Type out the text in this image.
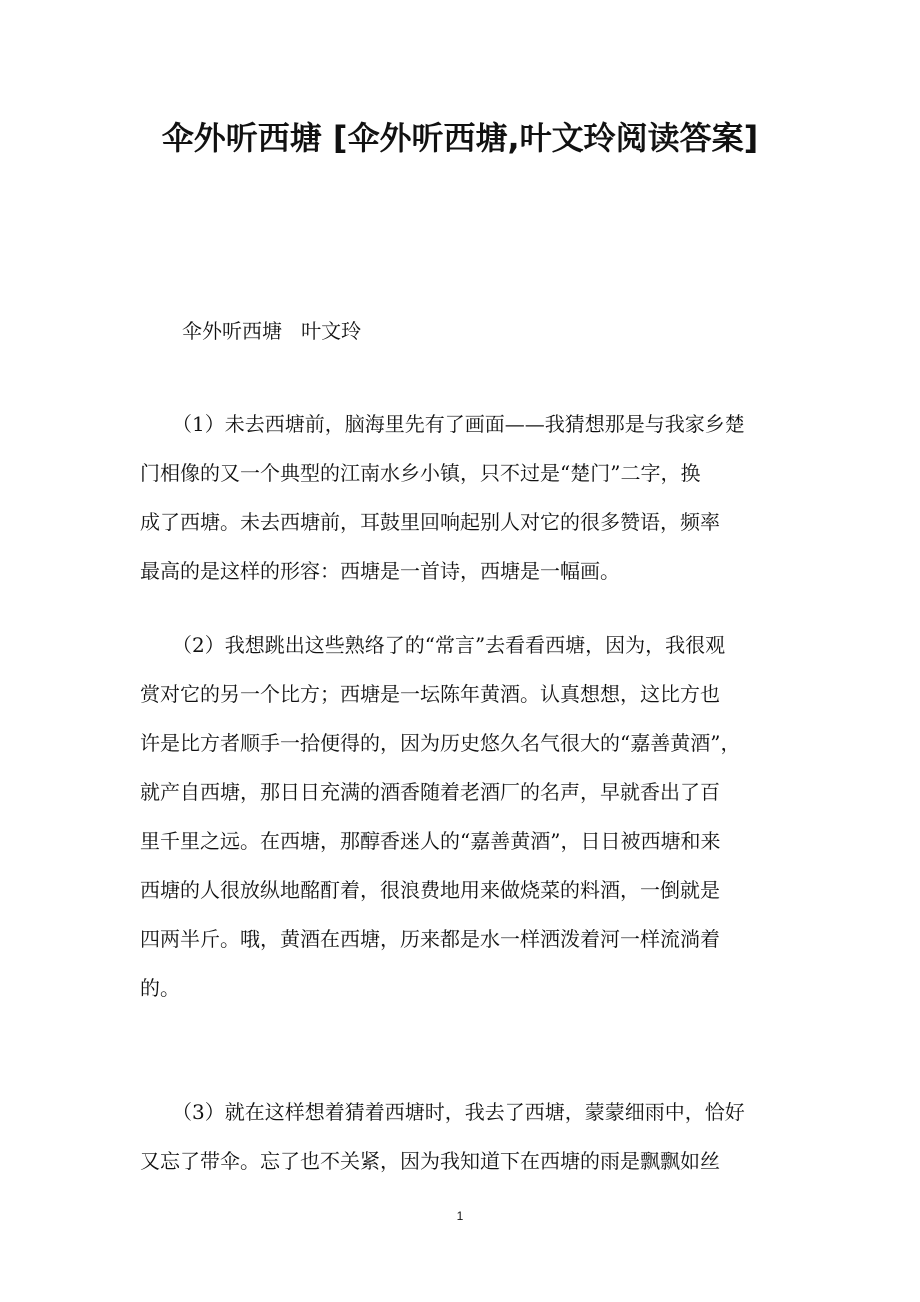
伞外听西塘 [伞外听西塘,叶文玲阅读答案]
伞外听西塘   叶文玲
（1）未去西塘前，脑海里先有了画面——我猜想那是与我家乡楚
门相像的又一个典型的江南水乡小镇，只不过是“楚门”二字，换
成了西塘。未去西塘前，耳鼓里回响起别人对它的很多赞语，频率
最高的是这样的形容：西塘是一首诗，西塘是一幅画。
（2）我想跳出这些熟络了的“常言”去看看西塘，因为，我很观
赏对它的另一个比方；西塘是一坛陈年黄酒。认真想想，这比方也
许是比方者顺手一拾便得的，因为历史悠久名气很大的“嘉善黄酒”，
就产自西塘，那日日充满的酒香随着老酒厂的名声，早就香出了百
里千里之远。在西塘，那醇香迷人的“嘉善黄酒”，日日被西塘和来
西塘的人很放纵地酩酊着，很浪费地用来做烧菜的料酒，一倒就是
四两半斤。哦，黄酒在西塘，历来都是水一样洒泼着河一样流淌着
的。
（3）就在这样想着猜着西塘时，我去了西塘，蒙蒙细雨中，恰好
又忘了带伞。忘了也不关紧，因为我知道下在西塘的雨是飘飘如丝
1
